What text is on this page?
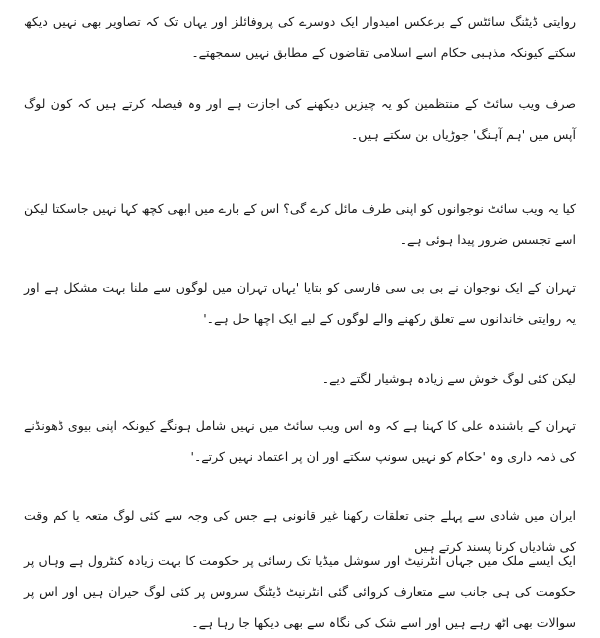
روایتی ڈیٹنگ سائٹس کے برعکس امیدوار ایک دوسرے کی پروفائلز اور یہاں تک کہ تصاویر بھی نہیں دیکھ سکتے کیونکہ مذہبی حکام اسے اسلامی تقاضوں کے مطابق نہیں سمجھتے۔

صرف ویب سائٹ کے منتظمین کو یہ چیزیں دیکھنے کی اجازت ہے اور وہ فیصلہ کرتے ہیں کہ کون لوگ آپس میں 'ہم آہنگ' جوڑیاں بن سکتے ہیں۔

کیا یہ ویب سائٹ نوجوانوں کو اپنی طرف مائل کرے گی؟ اس کے بارے میں ابھی کچھ کہا نہیں جاسکتا لیکن اسے تجسس ضرور پیدا ہوئی ہے۔

تہران کے ایک نوجوان نے بی بی سی فارسی کو بتایا 'یہاں تہران میں لوگوں سے ملنا بہت مشکل ہے اور یہ روایتی خاندانوں سے تعلق رکھنے والے لوگوں کے لیے ایک اچھا حل ہے۔'

لیکن کئی لوگ خوش سے زیادہ ہوشیار لگتے دیے۔

تہران کے باشندہ علی کا کہنا ہے کہ وہ اس ویب سائٹ میں نہیں شامل ہونگے کیونکہ اپنی بیوی ڈھونڈنے کی ذمہ داری وہ 'حکام کو نہیں سونپ سکتے اور ان پر اعتماد نہیں کرتے۔'

ایران میں شادی سے پہلے جنی تعلقات رکھنا غیر قانونی ہے جس کی وجہ سے کئی لوگ متعہ یا کم وقت کی شادیاں کرنا پسند کرتے ہیں

ایک ایسے ملک میں جہاں انٹرنیٹ اور سوشل میڈیا تک رسائی پر حکومت کا بہت زیادہ کنٹرول ہے وہاں پر حکومت کی ہی جانب سے متعارف کروائی گئی انٹرنیٹ ڈیٹنگ سروس پر کئی لوگ حیران ہیں اور اس پر سوالات بھی اٹھ رہے ہیں اور اسے شک کی نگاہ سے بھی دیکھا جا رہا ہے۔
